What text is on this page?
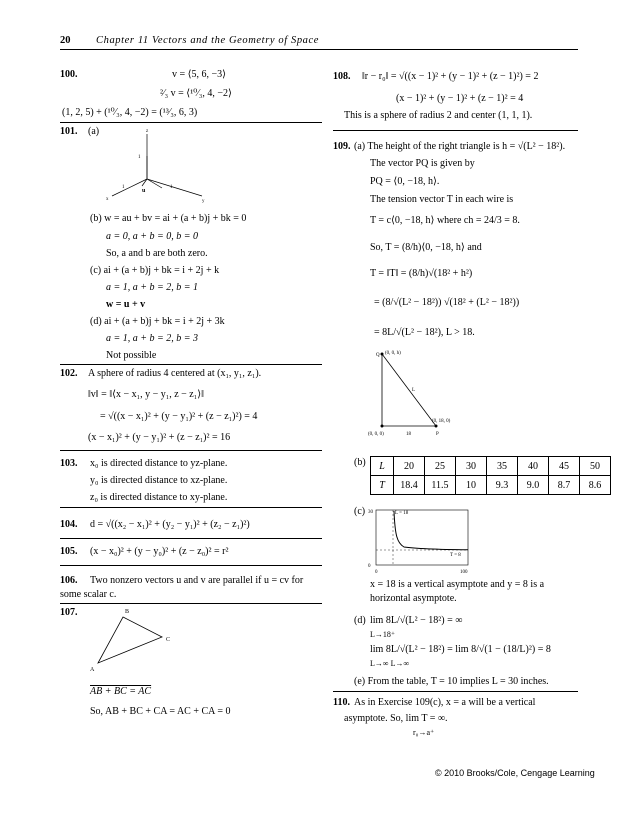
20 Chapter 11 Vectors and the Geometry of Space
100.	v = ⟨5, 6, −3⟩
²⁄₃ v = ⟨¹⁰⁄₃, 4, −2⟩
(1, 2, 5) + (¹⁰⁄₃, 4, −2) = (¹³⁄₃, 6, 3)
101. (a)	z
1
x
1
u
1
y
(b) w = au + bv = ai + (a + b)j + bk = 0
a = 0, a + b = 0, b = 0
So, a and b are both zero.
(c) ai + (a + b)j + bk = i + 2j + k
a = 1, a + b = 2, b = 1
w = u + v
(d) ai + (a + b)j + bk = i + 2j + 3k
a = 1, a + b = 2, b = 3
Not possible
102. A sphere of radius 4 centered at (x₁, y₁, z₁).
‖v‖ = ‖⟨x − x₁, y − y₁, z − z₁⟩‖
= √((x − x₁)² + (y − y₁)² + (z − z₁)²) = 4
(x − x₁)² + (y − y₁)² + (z − z₁)² = 16
103. x₀ is directed distance to yz-plane.
y₀ is directed distance to xz-plane.
z₀ is directed distance to xy-plane.
104. d = √((x₂ − x₁)² + (y₂ − y₁)² + (z₂ − z₁)²)
105. (x − x₀)² + (y − y₀)² + (z − z₀)² = r²
106. Two nonzero vectors u and v are parallel if u = cv for
some scalar c.
107.	B
C
A
AB + BC = AC
So, AB + BC + CA = AC + CA = 0
108. ‖r − r₀‖ = √((x − 1)² + (y − 1)² + (z − 1)²) = 2
(x − 1)² + (y − 1)² + (z − 1)² = 4
This is a sphere of radius 2 and center (1, 1, 1).
109. (a) The height of the right triangle is h = √(L² − 18²).
The vector PQ is given by
PQ = ⟨0, −18, h⟩.
The tension vector T in each wire is
T = c⟨0, −18, h⟩ where ch = 24/3 = 8.
So, T = (8/h)⟨0, −18, h⟩ and
T = ‖T‖ = (8/h)√(18² + h²)
= (8/√(L² − 18²)) √(18² + (L² − 18²))
= 8L/√(L² − 18²), L > 18.
Q (0, 0, h)
L
(0, 18, 0)
(0, 0, 0)	18	P
(b) L	20	25	30	35	40	45	50
T	18.4	11.5	10	9.3	9.0	8.7	8.6
(c) 30	L = 18
T = 8
0
0	100
x = 18 is a vertical asymptote and y = 8 is a
horizontal asymptote.
(d) lim 8L/√(L² − 18²) = ∞
L→18⁺
lim 8L/√(L² − 18²) = lim 8/√(1 − (18/L)²) = 8
L→∞ L→∞
(e) From the table, T = 10 implies L = 30 inches.
110. As in Exercise 109(c), x = a will be a vertical
asymptote. So, lim T = ∞.
r₀→a⁺
© 2010 Brooks/Cole, Cengage Learning
